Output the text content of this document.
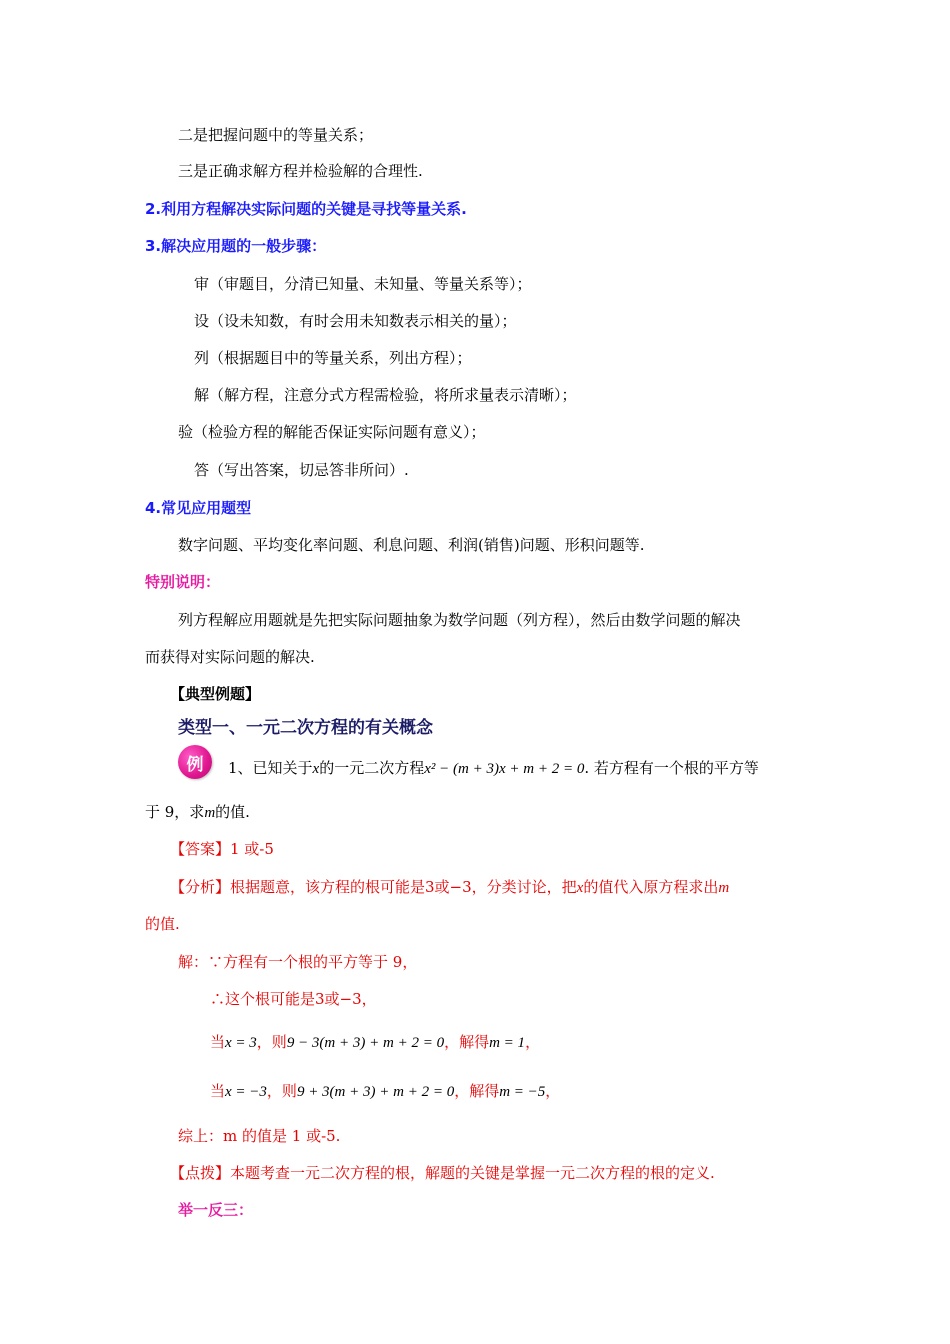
二是把握问题中的等量关系；
三是正确求解方程并检验解的合理性.
2.利用方程解决实际问题的关键是寻找等量关系.
3.解决应用题的一般步骤：
审（审题目，分清已知量、未知量、等量关系等）；
设（设未知数，有时会用未知数表示相关的量）；
列（根据题目中的等量关系，列出方程）；
解（解方程，注意分式方程需检验，将所求量表示清晰）；
验（检验方程的解能否保证实际问题有意义）；
答（写出答案，切忌答非所问）.
4.常见应用题型
数字问题、平均变化率问题、利息问题、利润(销售)问题、形积问题等.
特别说明：
列方程解应用题就是先把实际问题抽象为数学问题（列方程），然后由数学问题的解决
而获得对实际问题的解决.
【典型例题】
类型一、一元二次方程的有关概念
例	1、已知关于x的一元二次方程x² − (m + 3)x + m + 2 = 0. 若方程有一个根的平方等
于 9，求m的值.
【答案】1 或-5
【分析】根据题意，该方程的根可能是3或−3，分类讨论，把x的值代入原方程求出m
的值.
解：∵方程有一个根的平方等于 9，
∴这个根可能是3或−3，
当x = 3，则9 − 3(m + 3) + m + 2 = 0，解得m = 1，
当x = −3，则9 + 3(m + 3) + m + 2 = 0，解得m = −5，
综上：m 的值是 1 或-5.
【点拨】本题考查一元二次方程的根，解题的关键是掌握一元二次方程的根的定义.
举一反三：
